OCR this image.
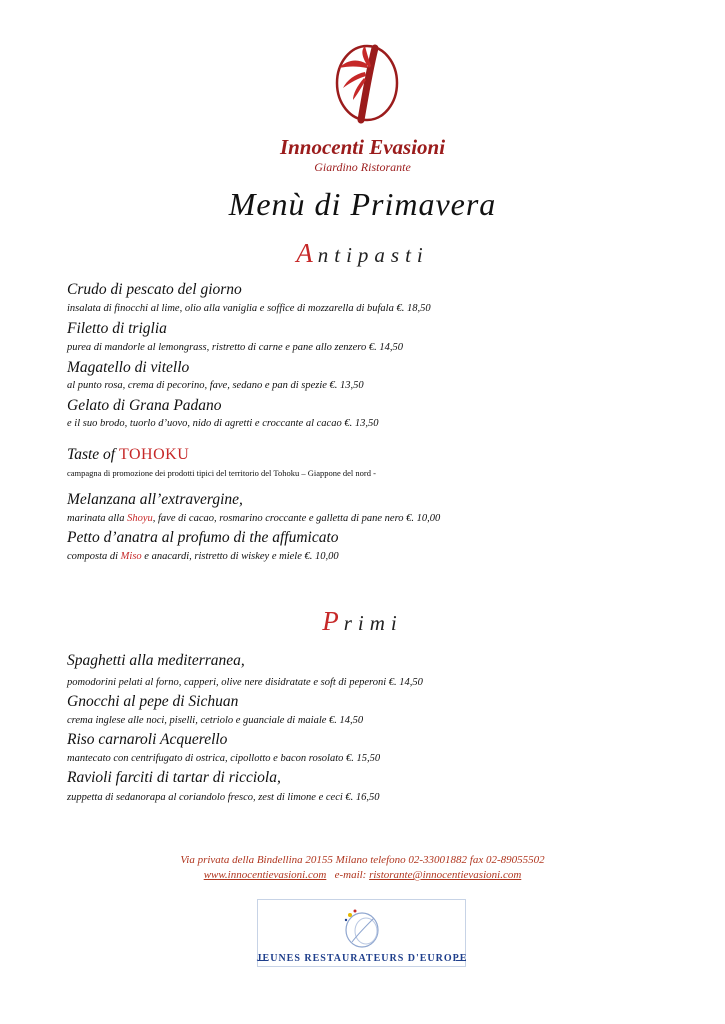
Innocenti Evasioni
Giardino Ristorante
Menù di Primavera
Antipasti
Crudo di pescato del giorno
insalata di finocchi al lime, olio alla vaniglia e soffice di mozzarella di bufala €. 18,50
Filetto di triglia
purea di mandorle al lemongrass, ristretto di carne e pane allo zenzero €. 14,50
Magatello di vitello
al punto rosa, crema di pecorino, fave, sedano e pan di spezie €. 13,50
Gelato di Grana Padano
e il suo brodo, tuorlo d’uovo, nido di agretti e croccante al cacao €. 13,50
Taste of TOHOKU
campagna di promozione dei prodotti tipici del territorio del Tohoku – Giappone del nord -
Melanzana all’extravergine,
marinata alla Shoyu, fave di cacao, rosmarino croccante e galletta di pane nero €. 10,00
Petto d’anatra al profumo di the affumicato
composta di Miso e anacardi, ristretto di wiskey e miele €. 10,00
Primi
Spaghetti alla mediterranea,
pomodorini pelati al forno, capperi, olive nere disidratate e soft di peperoni €. 14,50
Gnocchi al pepe di Sichuan
crema inglese alle noci, piselli, cetriolo e guanciale di maiale €. 14,50
Riso carnaroli Acquerello
mantecato con centrifugato di ostrica, cipollotto e bacon rosolato €. 15,50
Ravioli farciti di tartar di ricciola,
zuppetta di sedanorapa al coriandolo fresco, zest di limone e ceci €. 16,50
Via privata della Bindellina 20155 Milano telefono 02-33001882 fax 02-89055502
www.innocentievasioni.com e-mail: ristorante@innocentievasioni.com
JEUNES RESTAURATEURS D'EUROPE
